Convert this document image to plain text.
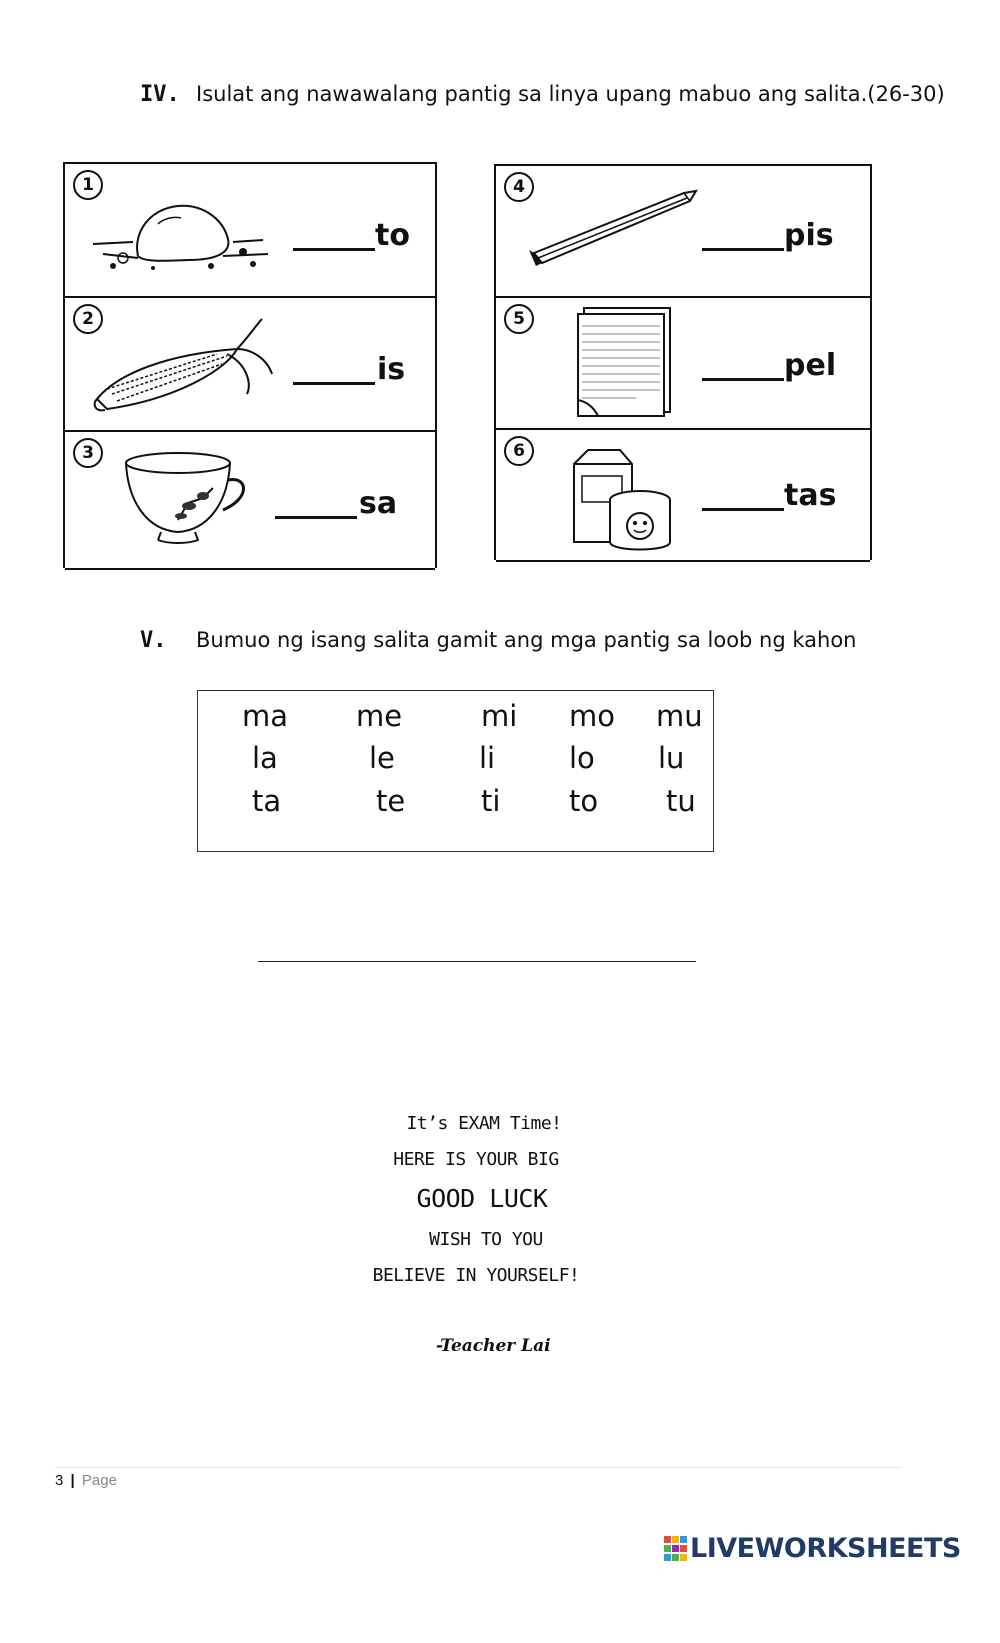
IV. Isulat ang nawawalang pantig sa linya upang mabuo ang salita.(26-30)
1
to
2
is
3
sa
4
pis
5
pel
6
tas
V. Bumuo ng isang salita gamit ang mga pantig sa loob ng kahon
ma me	mi mo mu
la	le	li	lo lu
ta	te	ti to tu
It’s EXAM Time!
HERE IS YOUR BIG
GOOD LUCK
WISH TO YOU
BELIEVE IN YOURSELF!
-Teacher Lai
3 | Page
LIVEWORKSHEETS
